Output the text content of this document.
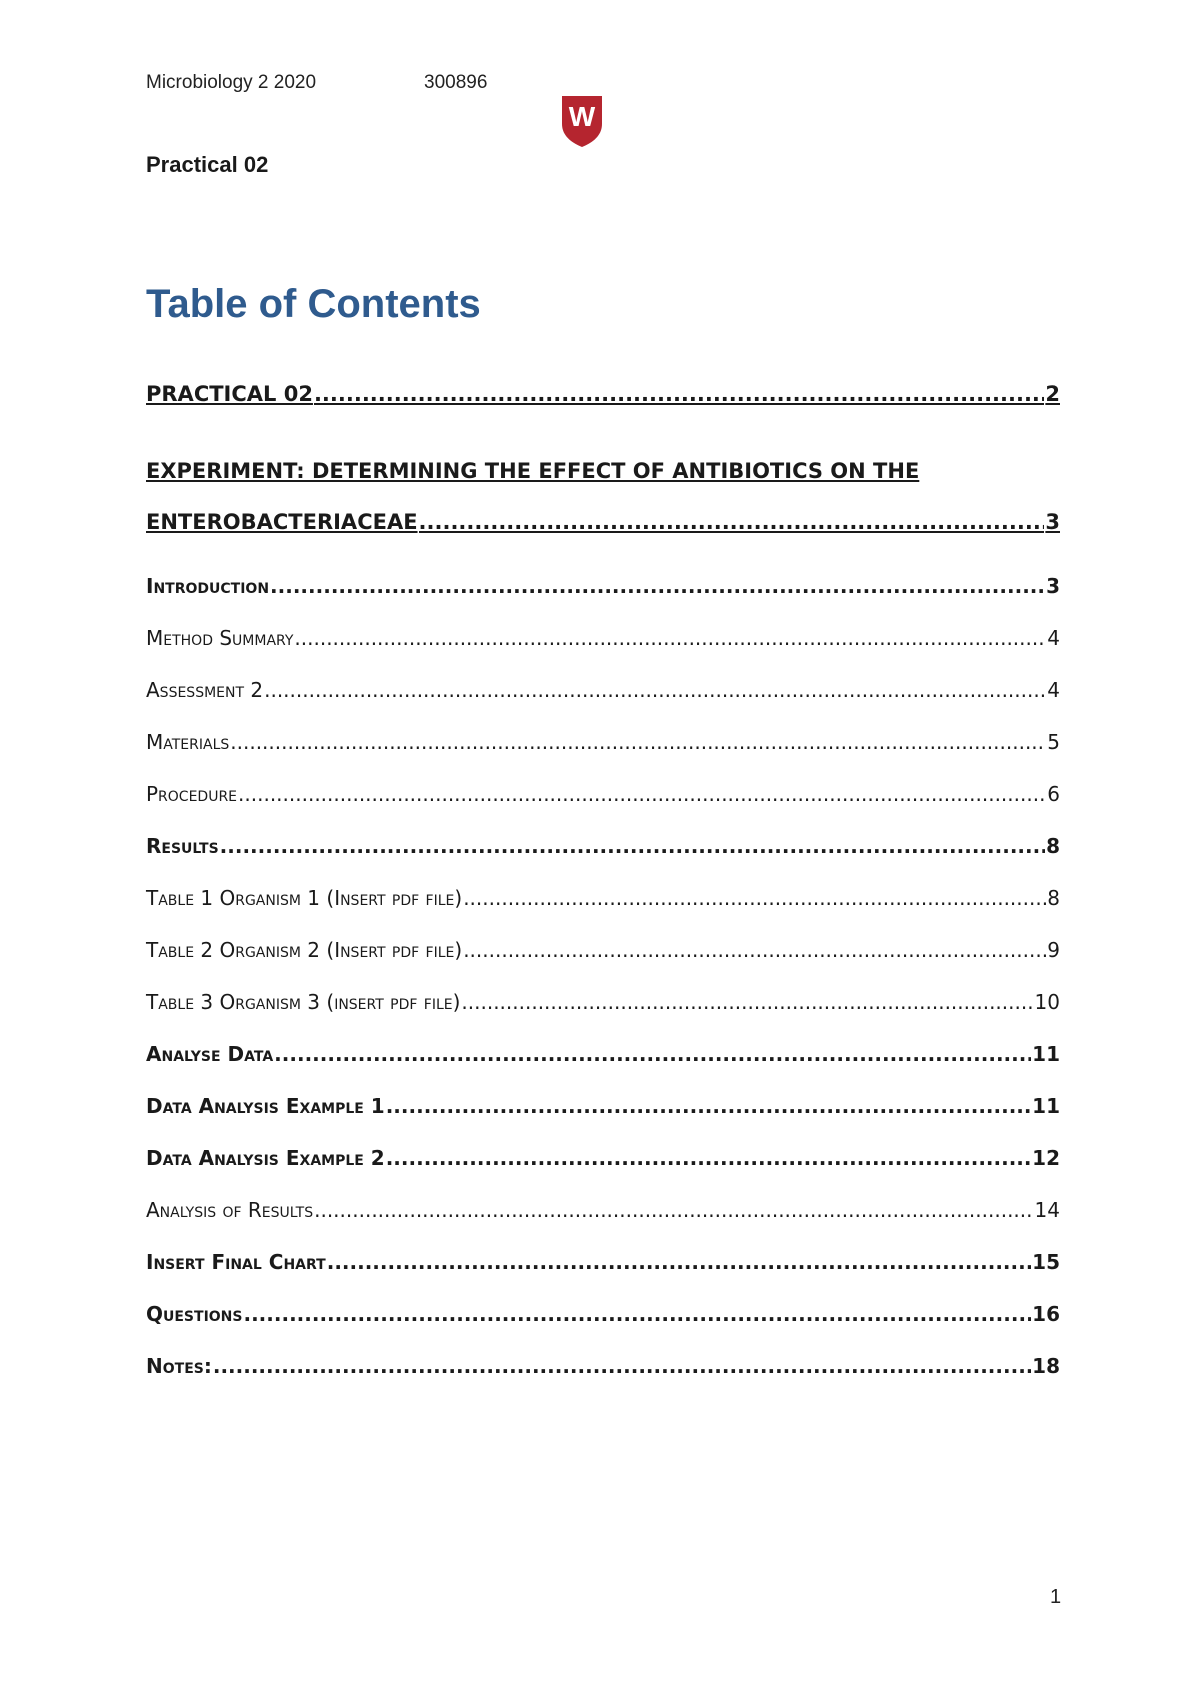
Microbiology 2 2020	300896
W
Practical 02
Table of Contents
PRACTICAL 02 .....	2
EXPERIMENT: DETERMINING THE EFFECT OF ANTIBIOTICS ON THE
ENTEROBACTERIACEAE .....	3
Introduction .....	3
Method Summary .....	4
Assessment 2 .....	4
Materials .....	5
Procedure .....	6
Results .....	8
Table 1 Organism 1 (Insert pdf file) .....	8
Table 2 Organism 2 (Insert pdf file) .....	9
Table 3 Organism 3 (insert pdf file) .....	10
Analyse Data .....	11
Data Analysis Example 1 .....	11
Data Analysis Example 2 .....	12
Analysis of Results .....	14
Insert Final Chart .....	15
Questions .....	16
Notes: .....	18
1
